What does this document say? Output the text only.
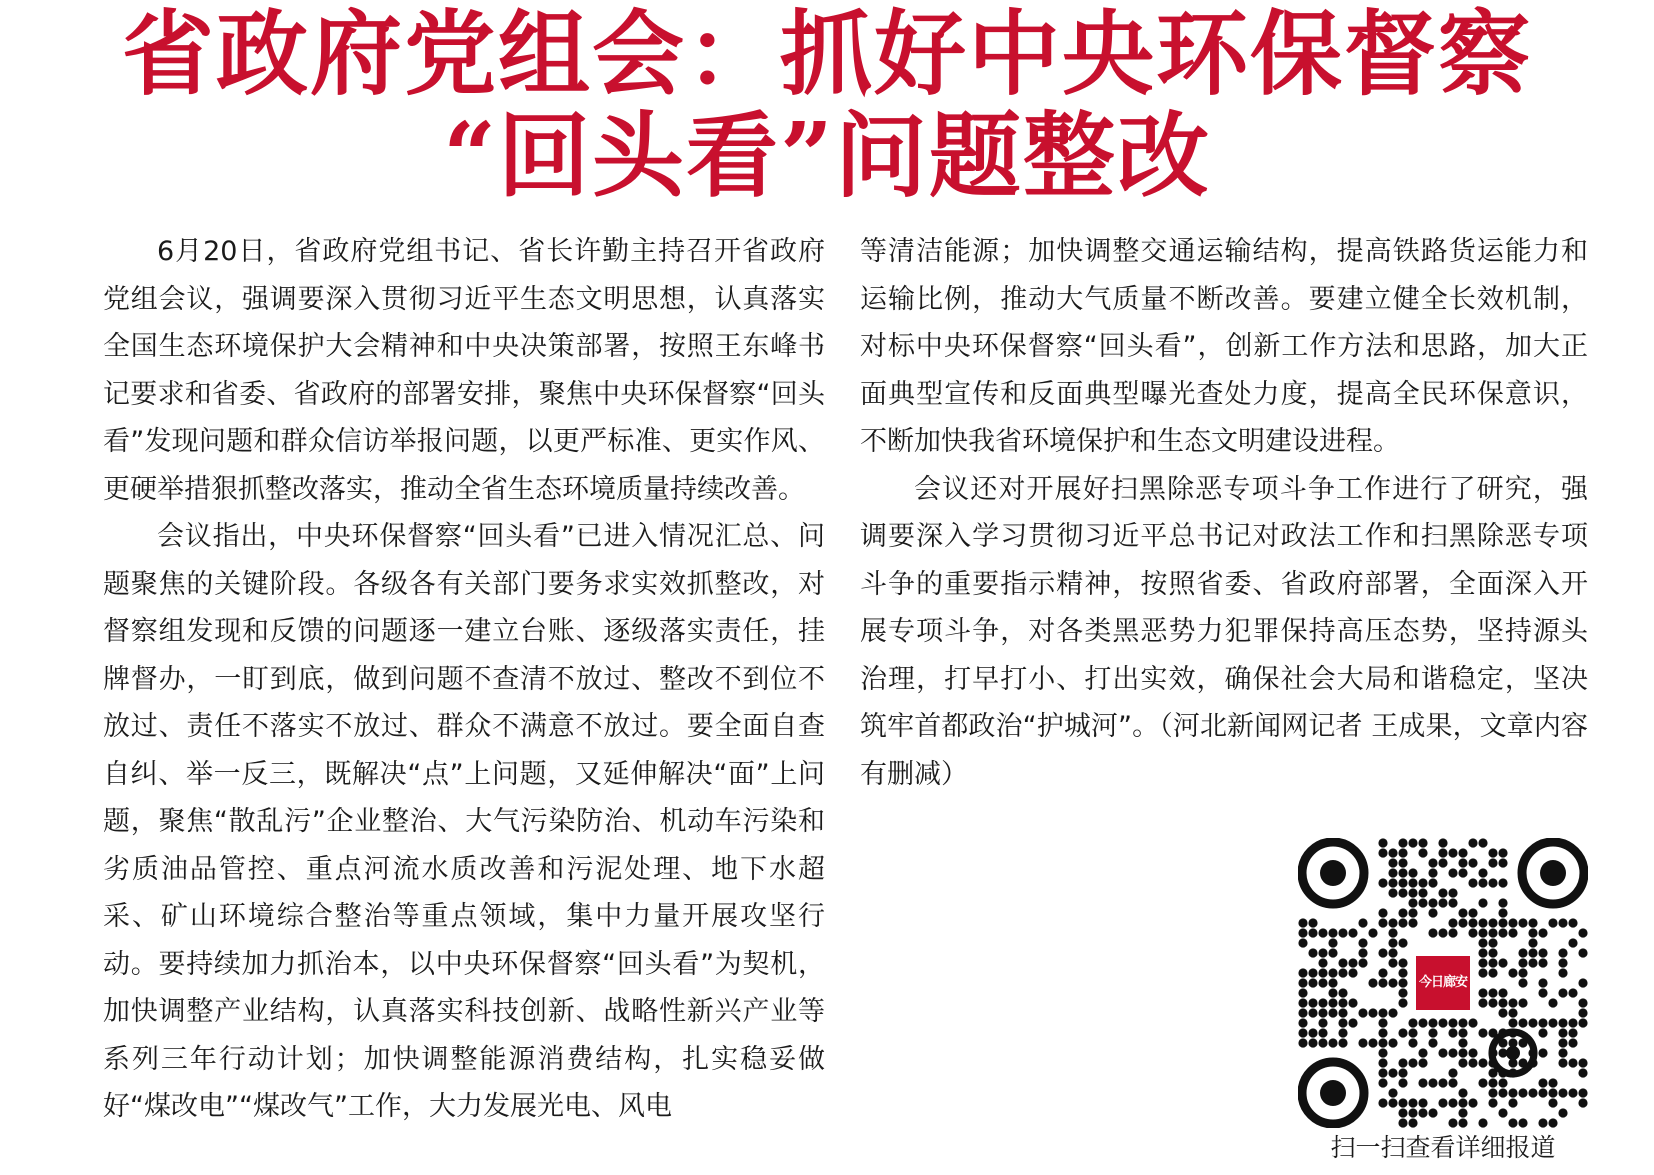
省政府党组会：抓好中央环保督察
“回头看”问题整改

6月20日，省政府党组书记、省长许勤主持召开省政府党组会议，强调要深入贯彻习近平生态文明思想，认真落实全国生态环境保护大会精神和中央决策部署，按照王东峰书记要求和省委、省政府的部署安排，聚焦中央环保督察“回头看”发现问题和群众信访举报问题，以更严标准、更实作风、更硬举措狠抓整改落实，推动全省生态环境质量持续改善。

会议指出，中央环保督察“回头看”已进入情况汇总、问题聚焦的关键阶段。各级各有关部门要务求实效抓整改，对督察组发现和反馈的问题逐一建立台账、逐级落实责任，挂牌督办，一盯到底，做到问题不查清不放过、整改不到位不放过、责任不落实不放过、群众不满意不放过。要全面自查自纠、举一反三，既解决“点”上问题，又延伸解决“面”上问题，聚焦“散乱污”企业整治、大气污染防治、机动车污染和劣质油品管控、重点河流水质改善和污泥处理、地下水超采、矿山环境综合整治等重点领域，集中力量开展攻坚行动。要持续加力抓治本，以中央环保督察“回头看”为契机，加快调整产业结构，认真落实科技创新、战略性新兴产业等系列三年行动计划；加快调整能源消费结构，扎实稳妥做好“煤改电”“煤改气”工作，大力发展光电、风电

等清洁能源；加快调整交通运输结构，提高铁路货运能力和运输比例，推动大气质量不断改善。要建立健全长效机制，对标中央环保督察“回头看”，创新工作方法和思路，加大正面典型宣传和反面典型曝光查处力度，提高全民环保意识，不断加快我省环境保护和生态文明建设进程。

会议还对开展好扫黑除恶专项斗争工作进行了研究，强调要深入学习贯彻习近平总书记对政法工作和扫黑除恶专项斗争的重要指示精神，按照省委、省政府部署，全面深入开展专项斗争，对各类黑恶势力犯罪保持高压态势，坚持源头治理，打早打小、打出实效，确保社会大局和谐稳定，坚决筑牢首都政治“护城河”。（河北新闻网记者 王成果，文章内容有删减）

今日廊安
扫一扫查看详细报道
